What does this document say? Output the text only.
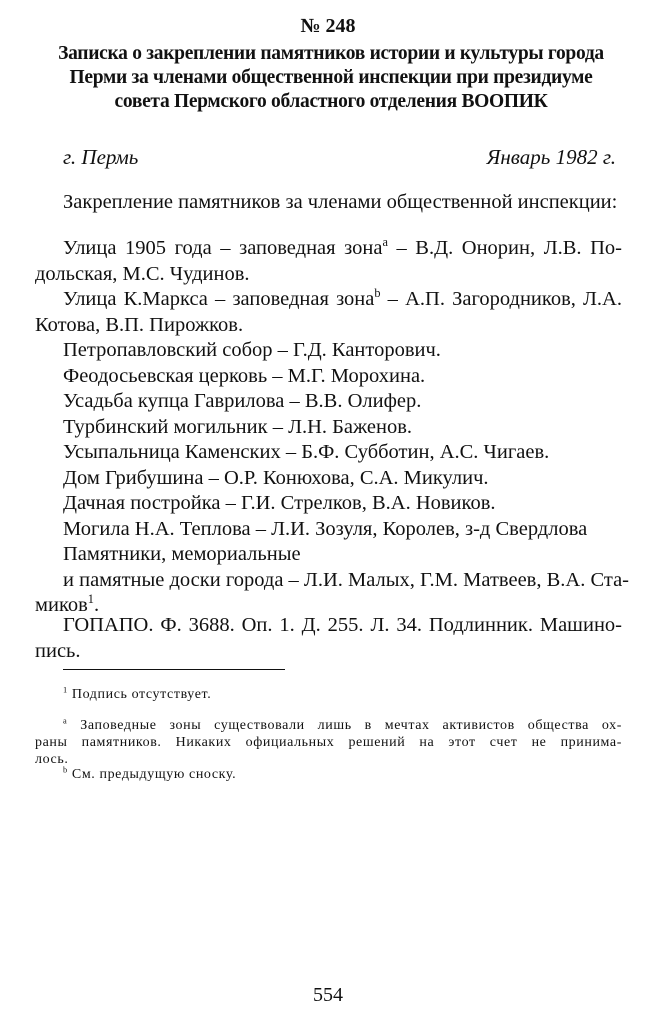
№ 248
Записка о закреплении памятников истории и культуры города
Перми за членами общественной инспекции при президиуме
совета Пермского областного отделения ВООПИК
г. Пермь	Январь 1982 г.
Закрепление памятников за членами общественной инспекции:
Улица 1905 года – заповедная зона$^a$ – В.Д. Онорин, Л.В. По-
дольская, М.С. Чудинов.
Улица К.Маркса – заповедная зона$^b$ – А.П. Загородников, Л.А.
Котова, В.П. Пирожков.
Петропавловский собор – Г.Д. Канторович.
Феодосьевская церковь – М.Г. Морохина.
Усадьба купца Гаврилова – В.В. Олифер.
Турбинский могильник – Л.Н. Баженов.
Усыпальница Каменских – Б.Ф. Субботин, А.С. Чигаев.
Дом Грибушина – О.Р. Конюхова, С.А. Микулич.
Дачная постройка – Г.И. Стрелков, В.А. Новиков.
Могила Н.А. Теплова – Л.И. Зозуля, Королев, з-д Свердлова
Памятники, мемориальные
и памятные доски города – Л.И. Малых, Г.М. Матвеев, В.А. Ста-
миков$^1$.
ГОПАПО. Ф. 3688. Оп. 1. Д. 255. Л. 34. Подлинник. Машино-
пись.
$^1$ Подпись отсутствует.
$^a$ Заповедные зоны существовали лишь в мечтах активистов общества ох-
раны памятников. Никаких официальных решений на этот счет не принима-
лось.
$^b$ См. предыдущую сноску.
554
